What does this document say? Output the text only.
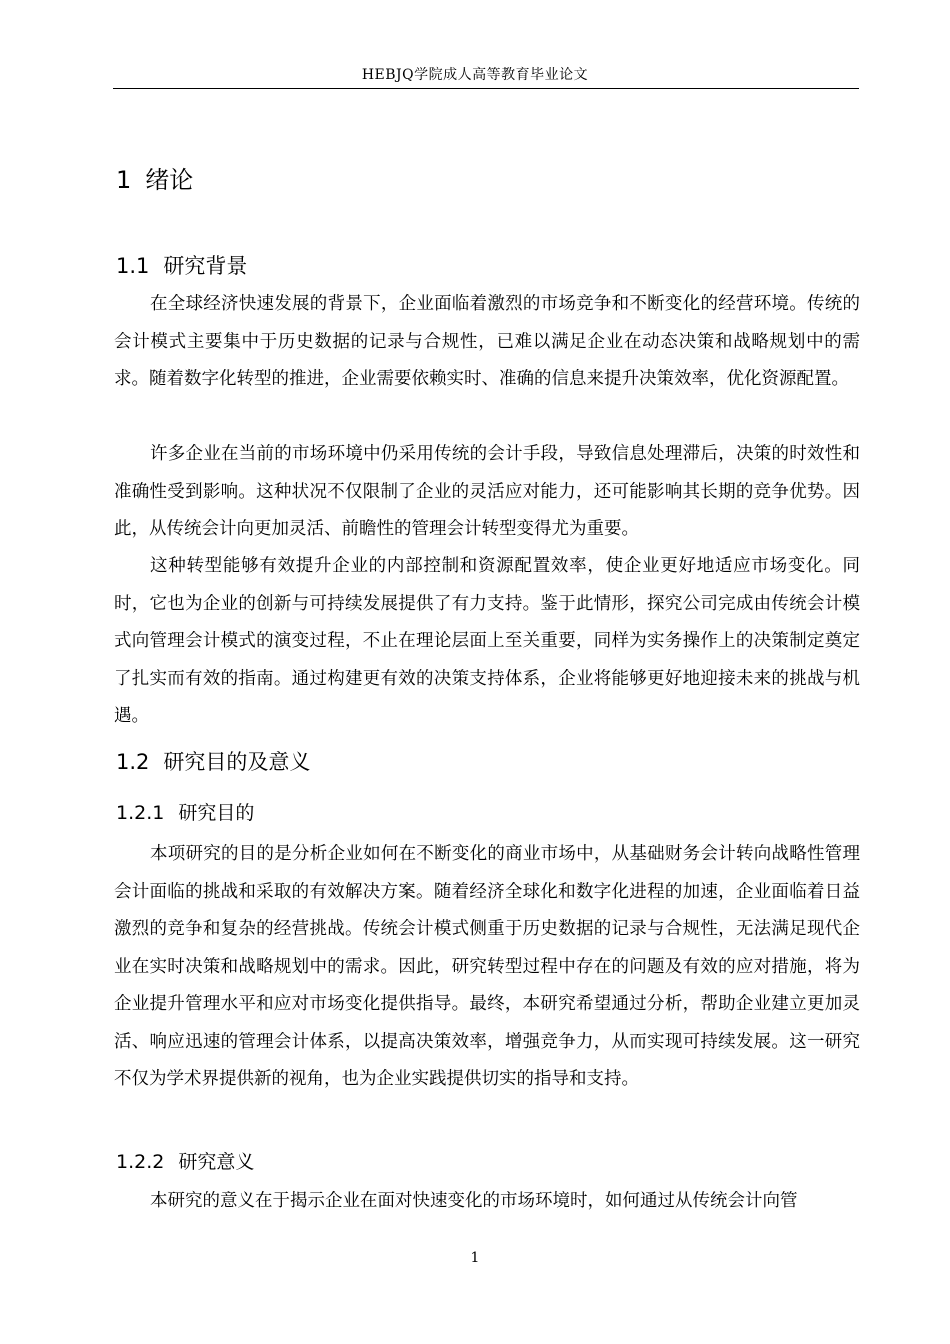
HEBJQ学院成人高等教育毕业论文
1 绪论
1.1 研究背景

在全球经济快速发展的背景下，企业面临着激烈的市场竞争和不断变化的经营环境。传统的会计模式主要集中于历史数据的记录与合规性，已难以满足企业在动态决策和战略规划中的需求。随着数字化转型的推进，企业需要依赖实时、准确的信息来提升决策效率，优化资源配置。

许多企业在当前的市场环境中仍采用传统的会计手段，导致信息处理滞后，决策的时效性和准确性受到影响。这种状况不仅限制了企业的灵活应对能力，还可能影响其长期的竞争优势。因此，从传统会计向更加灵活、前瞻性的管理会计转型变得尤为重要。

这种转型能够有效提升企业的内部控制和资源配置效率，使企业更好地适应市场变化。同时，它也为企业的创新与可持续发展提供了有力支持。鉴于此情形，探究公司完成由传统会计模式向管理会计模式的演变过程，不止在理论层面上至关重要，同样为实务操作上的决策制定奠定了扎实而有效的指南。通过构建更有效的决策支持体系，企业将能够更好地迎接未来的挑战与机遇。

1.2 研究目的及意义
1.2.1 研究目的

本项研究的目的是分析企业如何在不断变化的商业市场中，从基础财务会计转向战略性管理会计面临的挑战和采取的有效解决方案。随着经济全球化和数字化进程的加速，企业面临着日益激烈的竞争和复杂的经营挑战。传统会计模式侧重于历史数据的记录与合规性，无法满足现代企业在实时决策和战略规划中的需求。因此，研究转型过程中存在的问题及有效的应对措施，将为企业提升管理水平和应对市场变化提供指导。最终，本研究希望通过分析，帮助企业建立更加灵活、响应迅速的管理会计体系，以提高决策效率，增强竞争力，从而实现可持续发展。这一研究不仅为学术界提供新的视角，也为企业实践提供切实的指导和支持。

1.2.2 研究意义

本研究的意义在于揭示企业在面对快速变化的市场环境时，如何通过从传统会计向管

1
